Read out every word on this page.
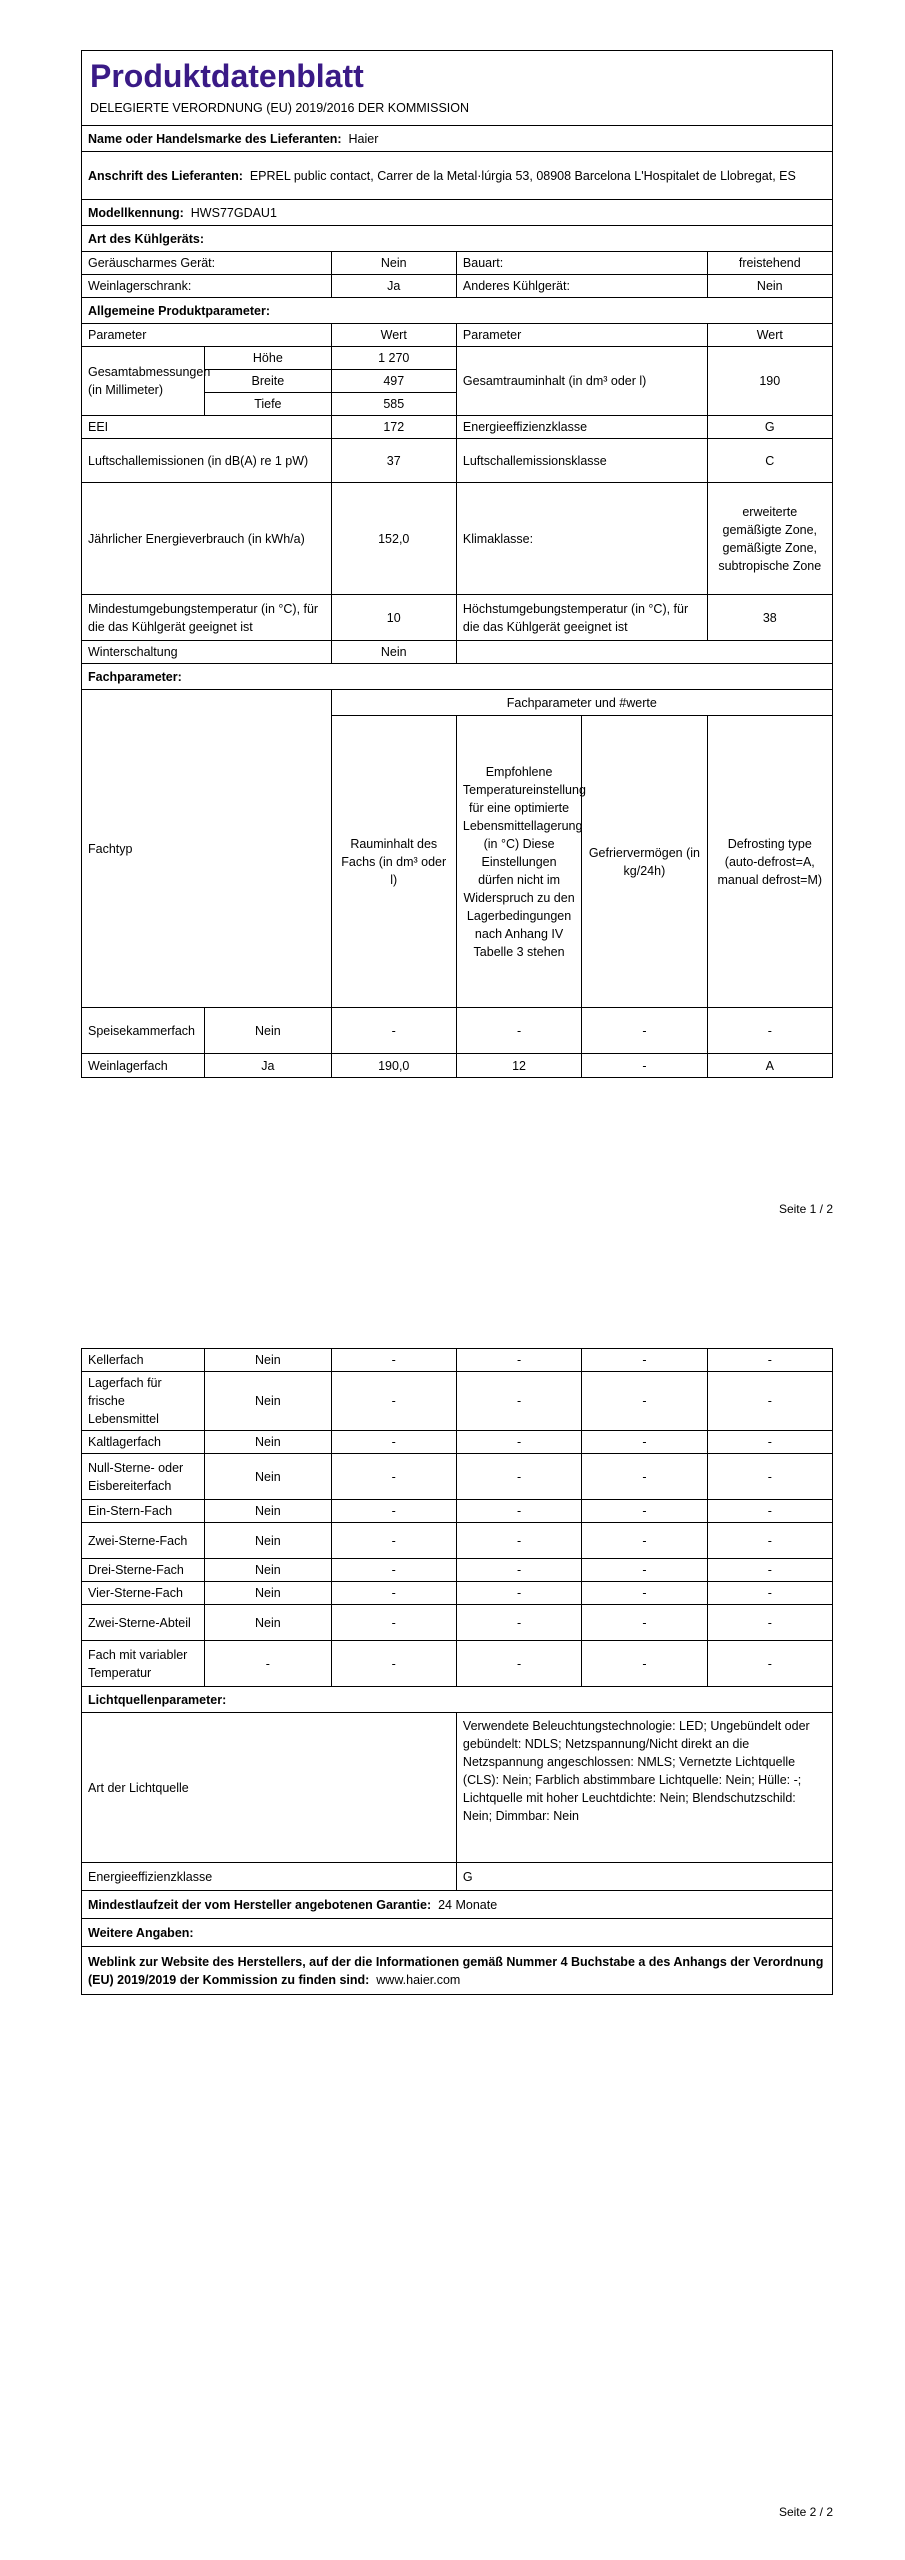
Produktdatenblatt
DELEGIERTE VERORDNUNG (EU) 2019/2016 DER KOMMISSION					

Name oder Handelsmarke des Lieferanten: Haier					
Anschrift des Lieferanten: EPREL public contact, Carrer de la Metal·lúrgia 53, 08908 Barcelona L'Hospitalet de Llobregat, ES					
Modellkennung: HWS77GDAU1					
Art des Kühlgeräts:					
Geräuscharmes Gerät:		Nein	Bauart:		freistehend
Weinlagerschrank:		Ja	Anderes Kühlgerät:		Nein
Allgemeine Produktparameter:					
Parameter		Wert	Parameter		Wert
Gesamtabmessungen (in Millimeter)	Höhe	1 270	Gesamtrauminhalt (in dm³ oder l)		190
	Breite	497			
	Tiefe	585			
EEI		172	Energieeffizienzklasse		G
Luftschallemissionen (in dB(A) re 1 pW)		37	Luftschallemissionsklasse		C
Jährlicher Energieverbrauch (in kWh/a)		152,0	Klimaklasse:		erweiterte gemäßigte Zone, gemäßigte Zone, subtropische Zone
Mindestumgebungstemperatur (in °C), für die das Kühlgerät geeignet ist		10	Höchstumgebungstemperatur (in °C), für die das Kühlgerät geeignet ist		38
Winterschaltung		Nein			
Fachparameter:					
Fachtyp		Fachparameter und #werte			
		Rauminhalt des Fachs (in dm³ oder l)	Empfohlene Temperatureinstellung für eine optimierte Lebensmittellagerung (in °C) Diese Einstellungen dürfen nicht im Widerspruch zu den Lagerbedingungen nach Anhang IV Tabelle 3 stehen	Gefriervermögen (in kg/24h)	Defrosting type (auto-defrost=A, manual defrost=M)
Speisekammerfach	Nein	-	-	-	-
Weinlagerfach	Ja	190,0	12	-	A
Seite 1 / 2
Kellerfach	Nein	-	-	-	-
Lagerfach für frische Lebensmittel	Nein	-	-	-	-
Kaltlagerfach	Nein	-	-	-	-
Null-Sterne- oder Eisbereiterfach	Nein	-	-	-	-
Ein-Stern-Fach	Nein	-	-	-	-
Zwei-Sterne-Fach	Nein	-	-	-	-
Drei-Sterne-Fach	Nein	-	-	-	-
Vier-Sterne-Fach	Nein	-	-	-	-
Zwei-Sterne-Abteil	Nein	-	-	-	-
Fach mit variabler Temperatur	-	-	-	-	-
Lichtquellenparameter:					
Art der Lichtquelle			Verwendete Beleuchtungstechnologie: LED; Ungebündelt oder gebündelt: NDLS; Netzspannung/Nicht direkt an die Netzspannung angeschlossen: NMLS; Vernetzte Lichtquelle (CLS): Nein; Farblich abstimmbare Lichtquelle: Nein; Hülle: -; Lichtquelle mit hoher Leuchtdichte: Nein; Blendschutzschild: Nein; Dimmbar: Nein		
Energieeffizienzklasse			G		
Mindestlaufzeit der vom Hersteller angebotenen Garantie: 24 Monate					
Weitere Angaben:					
Weblink zur Website des Herstellers, auf der die Informationen gemäß Nummer 4 Buchstabe a des Anhangs der Verordnung (EU) 2019/2019 der Kommission zu finden sind: www.haier.com					
Seite 2 / 2
